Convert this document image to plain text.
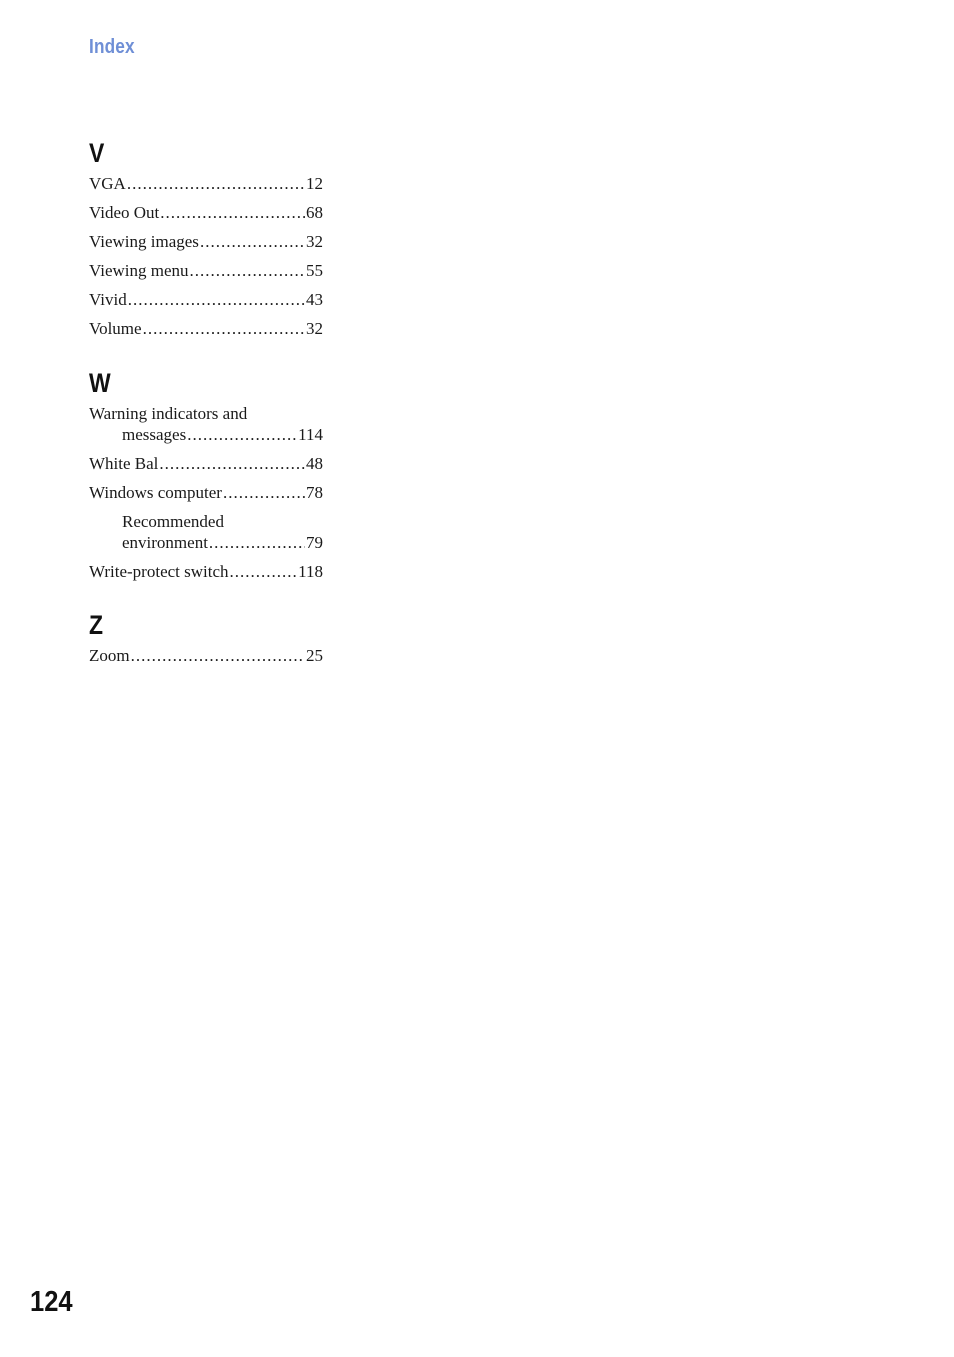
Index
V
VGA .....	12
Video Out .....	68
Viewing images .....	32
Viewing menu .....	55
Vivid .....	43
Volume .....	32
W
Warning indicators and
messages .....	114
White Bal .....	48
Windows computer .....	78
Recommended
environment .....	79
Write-protect switch .....	118
Z
Zoom .....	25
124
